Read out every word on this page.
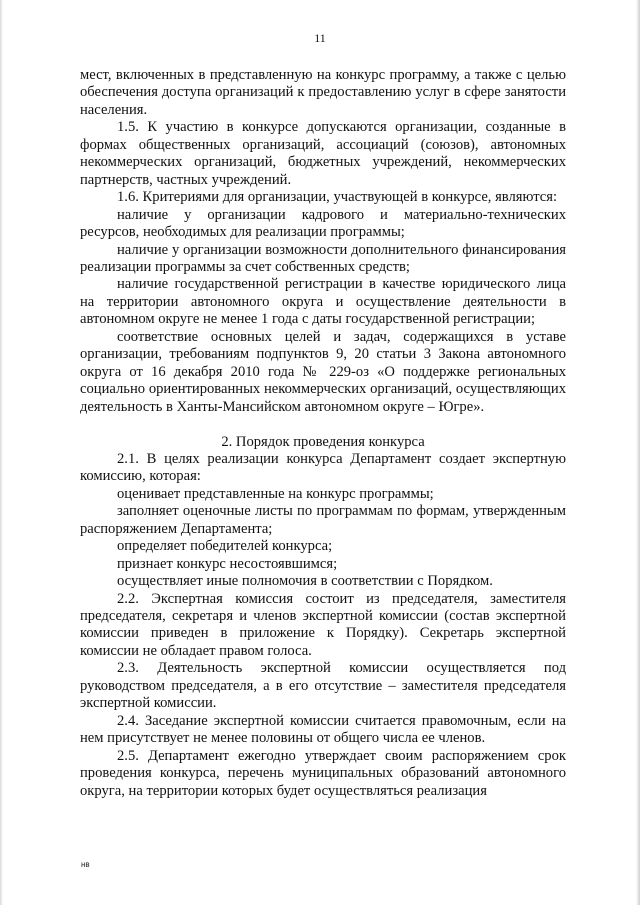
11

мест, включенных в представленную на конкурс программу, а также с целью обеспечения доступа организаций к предоставлению услуг в сфере занятости населения.

1.5. К участию в конкурсе допускаются организации, созданные в формах общественных организаций, ассоциаций (союзов), автономных некоммерческих организаций, бюджетных учреждений, некоммерческих партнерств, частных учреждений.

1.6. Критериями для организации, участвующей в конкурсе, являются:

наличие у организации кадрового и материально-технических ресурсов, необходимых для реализации программы;

наличие у организации возможности дополнительного финансирования реализации программы за счет собственных средств;

наличие государственной регистрации в качестве юридического лица на территории автономного округа и осуществление деятельности в автономном округе не менее 1 года с даты государственной регистрации;

соответствие основных целей и задач, содержащихся в уставе организации, требованиям подпунктов 9, 20 статьи 3 Закона автономного округа от 16 декабря 2010 года № 229-оз «О поддержке региональных социально ориентированных некоммерческих организаций, осуществляющих деятельность в Ханты-Мансийском автономном округе – Югре».

2. Порядок проведения конкурса

2.1. В целях реализации конкурса Департамент создает экспертную комиссию, которая:

оценивает представленные на конкурс программы;

заполняет оценочные листы по программам по формам, утвержденным распоряжением Департамента;

определяет победителей конкурса;

признает конкурс несостоявшимся;

осуществляет иные полномочия в соответствии с Порядком.

2.2. Экспертная комиссия состоит из председателя, заместителя председателя, секретаря и членов экспертной комиссии (состав экспертной комиссии приведен в приложение к Порядку). Секретарь экспертной комиссии не обладает правом голоса.

2.3. Деятельность экспертной комиссии осуществляется под руководством председателя, а в его отсутствие – заместителя председателя экспертной комиссии.

2.4. Заседание экспертной комиссии считается правомочным, если на нем присутствует не менее половины от общего числа ее членов.

2.5. Департамент ежегодно утверждает своим распоряжением срок проведения конкурса, перечень муниципальных образований автономного округа, на территории которых будет осуществляться реализация

нв
